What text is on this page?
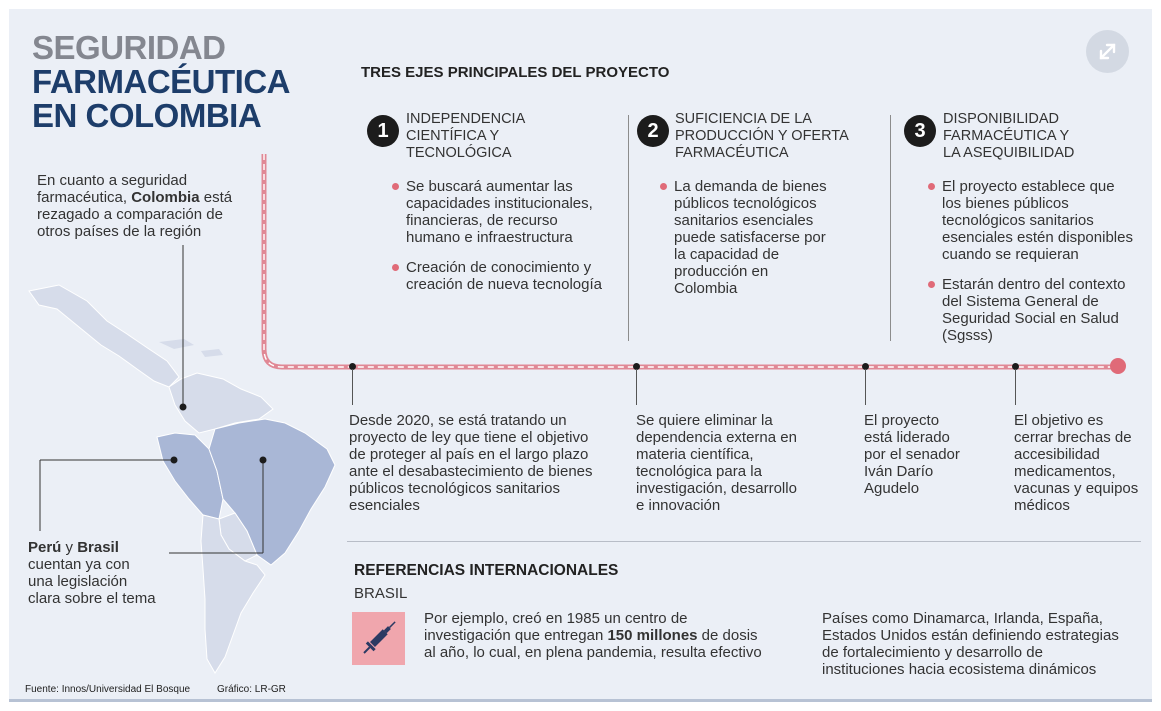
SEGURIDAD
FARMACÉUTICA
EN COLOMBIA
En cuanto a seguridad
farmacéutica, Colombia está
rezagado a comparación de
otros países de la región
Perú y Brasil
cuentan ya con
una legislación
clara sobre el tema
TRES EJES PRINCIPALES DEL PROYECTO
1
INDEPENDENCIA
CIENTÍFICA Y
TECNOLÓGICA
Se buscará aumentar las
capacidades institucionales,
financieras, de recurso
humano e infraestructura
Creación de conocimiento y
creación de nueva tecnología
2
SUFICIENCIA DE LA
PRODUCCIÓN Y OFERTA
FARMACÉUTICA
La demanda de bienes
públicos tecnológicos
sanitarios esenciales
puede satisfacerse por
la capacidad de
producción en
Colombia
3
DISPONIBILIDAD
FARMACÉUTICA Y
LA ASEQUIBILIDAD
El proyecto establece que
los bienes públicos
tecnológicos sanitarios
esenciales estén disponibles
cuando se requieran
Estarán dentro del contexto
del Sistema General de
Seguridad Social en Salud
(Sgsss)
Desde 2020, se está tratando un
proyecto de ley que tiene el objetivo
de proteger al país en el largo plazo
ante el desabastecimiento de bienes
públicos tecnológicos sanitarios
esenciales
Se quiere eliminar la
dependencia externa en
materia científica,
tecnológica para la
investigación, desarrollo
e innovación
El proyecto
está liderado
por el senador
Iván Darío
Agudelo
El objetivo es
cerrar brechas de
accesibilidad
medicamentos,
vacunas y equipos
médicos
REFERENCIAS INTERNACIONALES
BRASIL
Por ejemplo, creó en 1985 un centro de
investigación que entregan 150 millones de dosis
al año, lo cual, en plena pandemia, resulta efectivo
Países como Dinamarca, Irlanda, España,
Estados Unidos están definiendo estrategias
de fortalecimiento y desarrollo de
instituciones hacia ecosistema dinámicos
Fuente: Innos/Universidad El Bosque	Gráfico: LR-GR
